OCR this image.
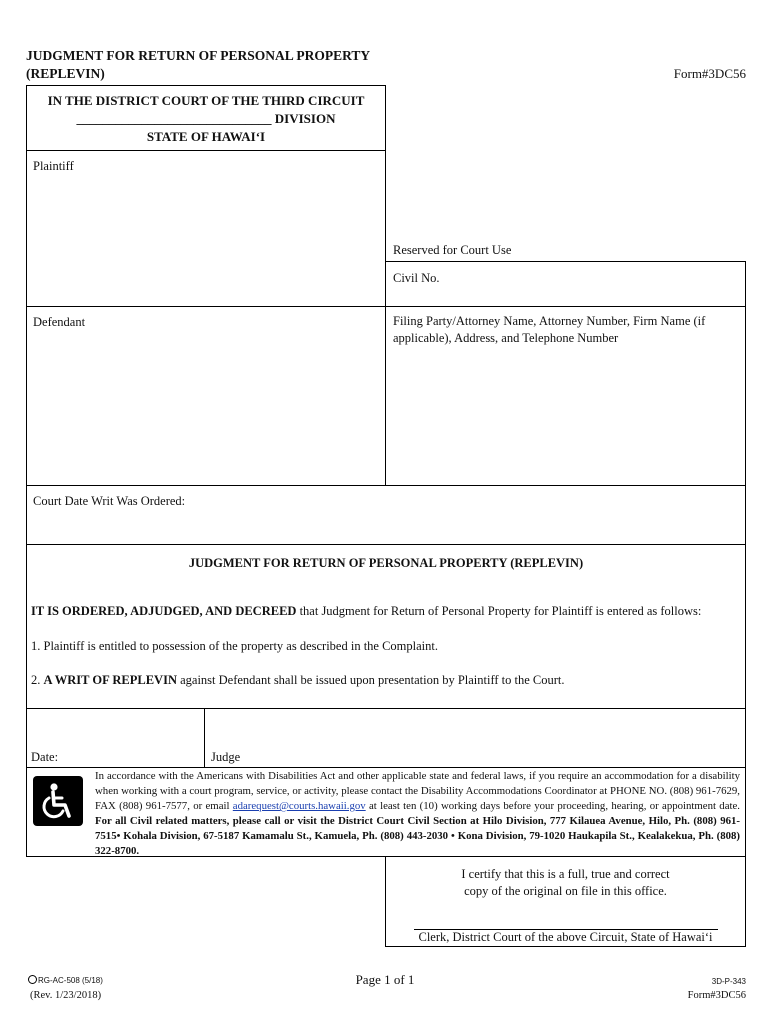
JUDGMENT FOR RETURN OF PERSONAL PROPERTY
(REPLEVIN)	Form#3DC56
IN THE DISTRICT COURT OF THE THIRD CIRCUIT
______________________________ DIVISION
STATE OF HAWAI‘I
Plaintiff
Defendant
Reserved for Court Use
Civil No.
Filing Party/Attorney Name, Attorney Number, Firm Name (if applicable), Address, and Telephone Number
Court Date Writ Was Ordered:
JUDGMENT FOR RETURN OF PERSONAL PROPERTY (REPLEVIN)
IT IS ORDERED, ADJUDGED, AND DECREED that Judgment for Return of Personal Property for Plaintiff is entered as follows:
1. Plaintiff is entitled to possession of the property as described in the Complaint.
2. A WRIT OF REPLEVIN against Defendant shall be issued upon presentation by Plaintiff to the Court.
Date:	Judge
In accordance with the Americans with Disabilities Act and other applicable state and federal laws, if you require an accommodation for a disability when working with a court program, service, or activity, please contact the Disability Accommodations Coordinator at PHONE NO. (808) 961-7629, FAX (808) 961-7577, or email adarequest@courts.hawaii.gov at least ten (10) working days before your proceeding, hearing, or appointment date. For all Civil related matters, please call or visit the District Court Civil Section at Hilo Division, 777 Kilauea Avenue, Hilo, Ph. (808) 961-7515• Kohala Division, 67-5187 Kamamalu St., Kamuela, Ph. (808) 443-2030 • Kona Division, 79-1020 Haukapila St., Kealakekua, Ph. (808) 322-8700.
I certify that this is a full, true and correct
copy of the original on file in this office.
Clerk, District Court of the above Circuit, State of Hawai‘i
RG-AC-508 (5/18)
(Rev. 1/23/2018)
Page 1 of 1	3D-P-343
Form#3DC56
